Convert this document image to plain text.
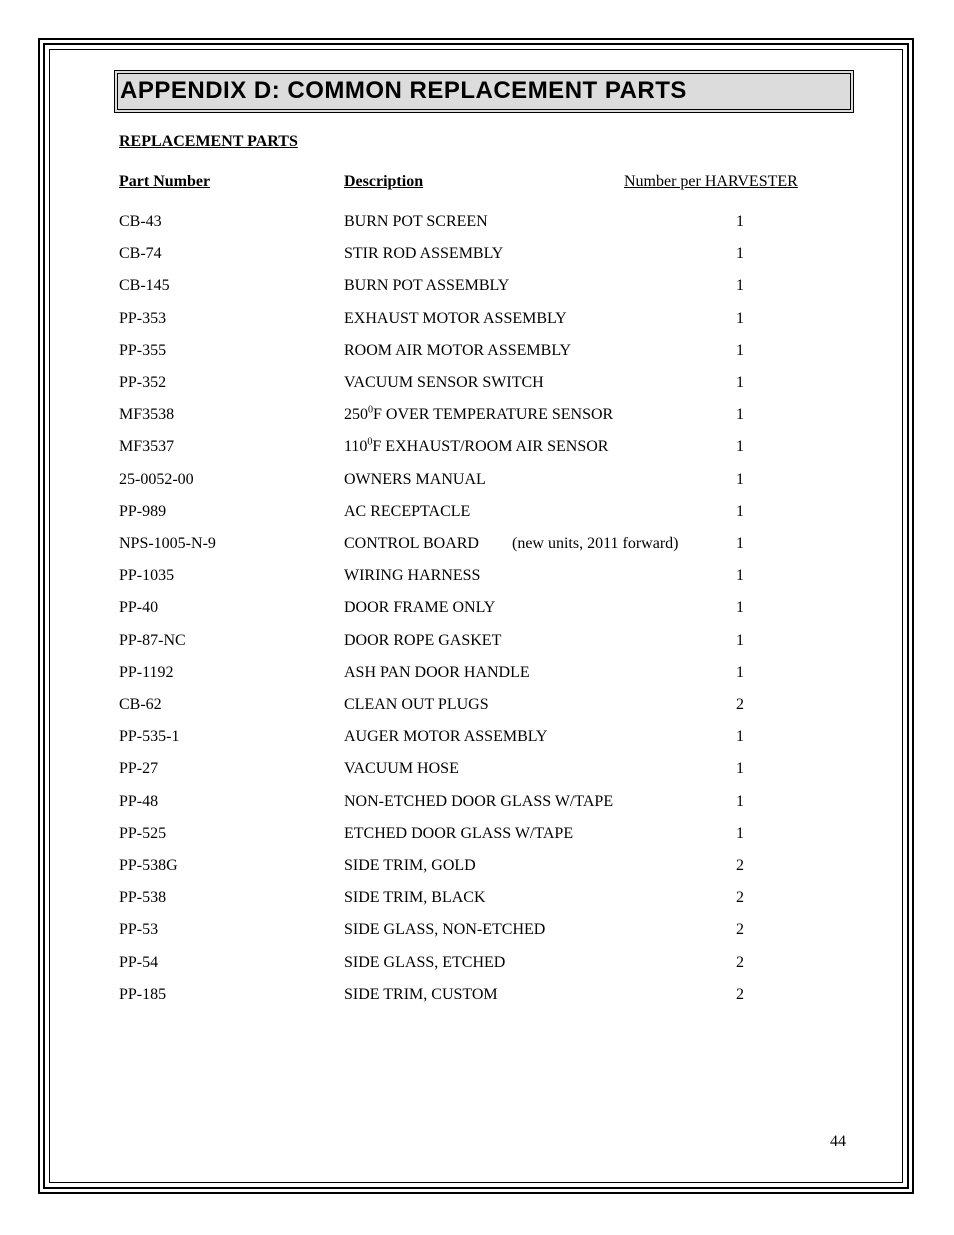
APPENDIX D: COMMON REPLACEMENT PARTS
REPLACEMENT PARTS
Part Number	Description	Number per HARVESTER
CB-43	BURN POT SCREEN	1
CB-74	STIR ROD ASSEMBLY	1
CB-145	BURN POT ASSEMBLY	1
PP-353	EXHAUST MOTOR ASSEMBLY	1
PP-355	ROOM AIR MOTOR ASSEMBLY	1
PP-352	VACUUM SENSOR SWITCH	1
MF3538	$250^0F$ OVER TEMPERATURE SENSOR	1
MF3537	$110^0F$ EXHAUST/ROOM AIR SENSOR	1
25-0052-00	OWNERS MANUAL	1
PP-989	AC RECEPTACLE	1
NPS-1005-N-9	CONTROL BOARD (new units, 2011 forward)	1
PP-1035	WIRING HARNESS	1
PP-40	DOOR FRAME ONLY	1
PP-87-NC	DOOR ROPE GASKET	1
PP-1192	ASH PAN DOOR HANDLE	1
CB-62	CLEAN OUT PLUGS	2
PP-535-1	AUGER MOTOR ASSEMBLY	1
PP-27	VACUUM HOSE	1
PP-48	NON-ETCHED DOOR GLASS W/TAPE	1
PP-525	ETCHED DOOR GLASS W/TAPE	1
PP-538G	SIDE TRIM, GOLD	2
PP-538	SIDE TRIM, BLACK	2
PP-53	SIDE GLASS, NON-ETCHED	2
PP-54	SIDE GLASS, ETCHED	2
PP-185	SIDE TRIM, CUSTOM	2
44
